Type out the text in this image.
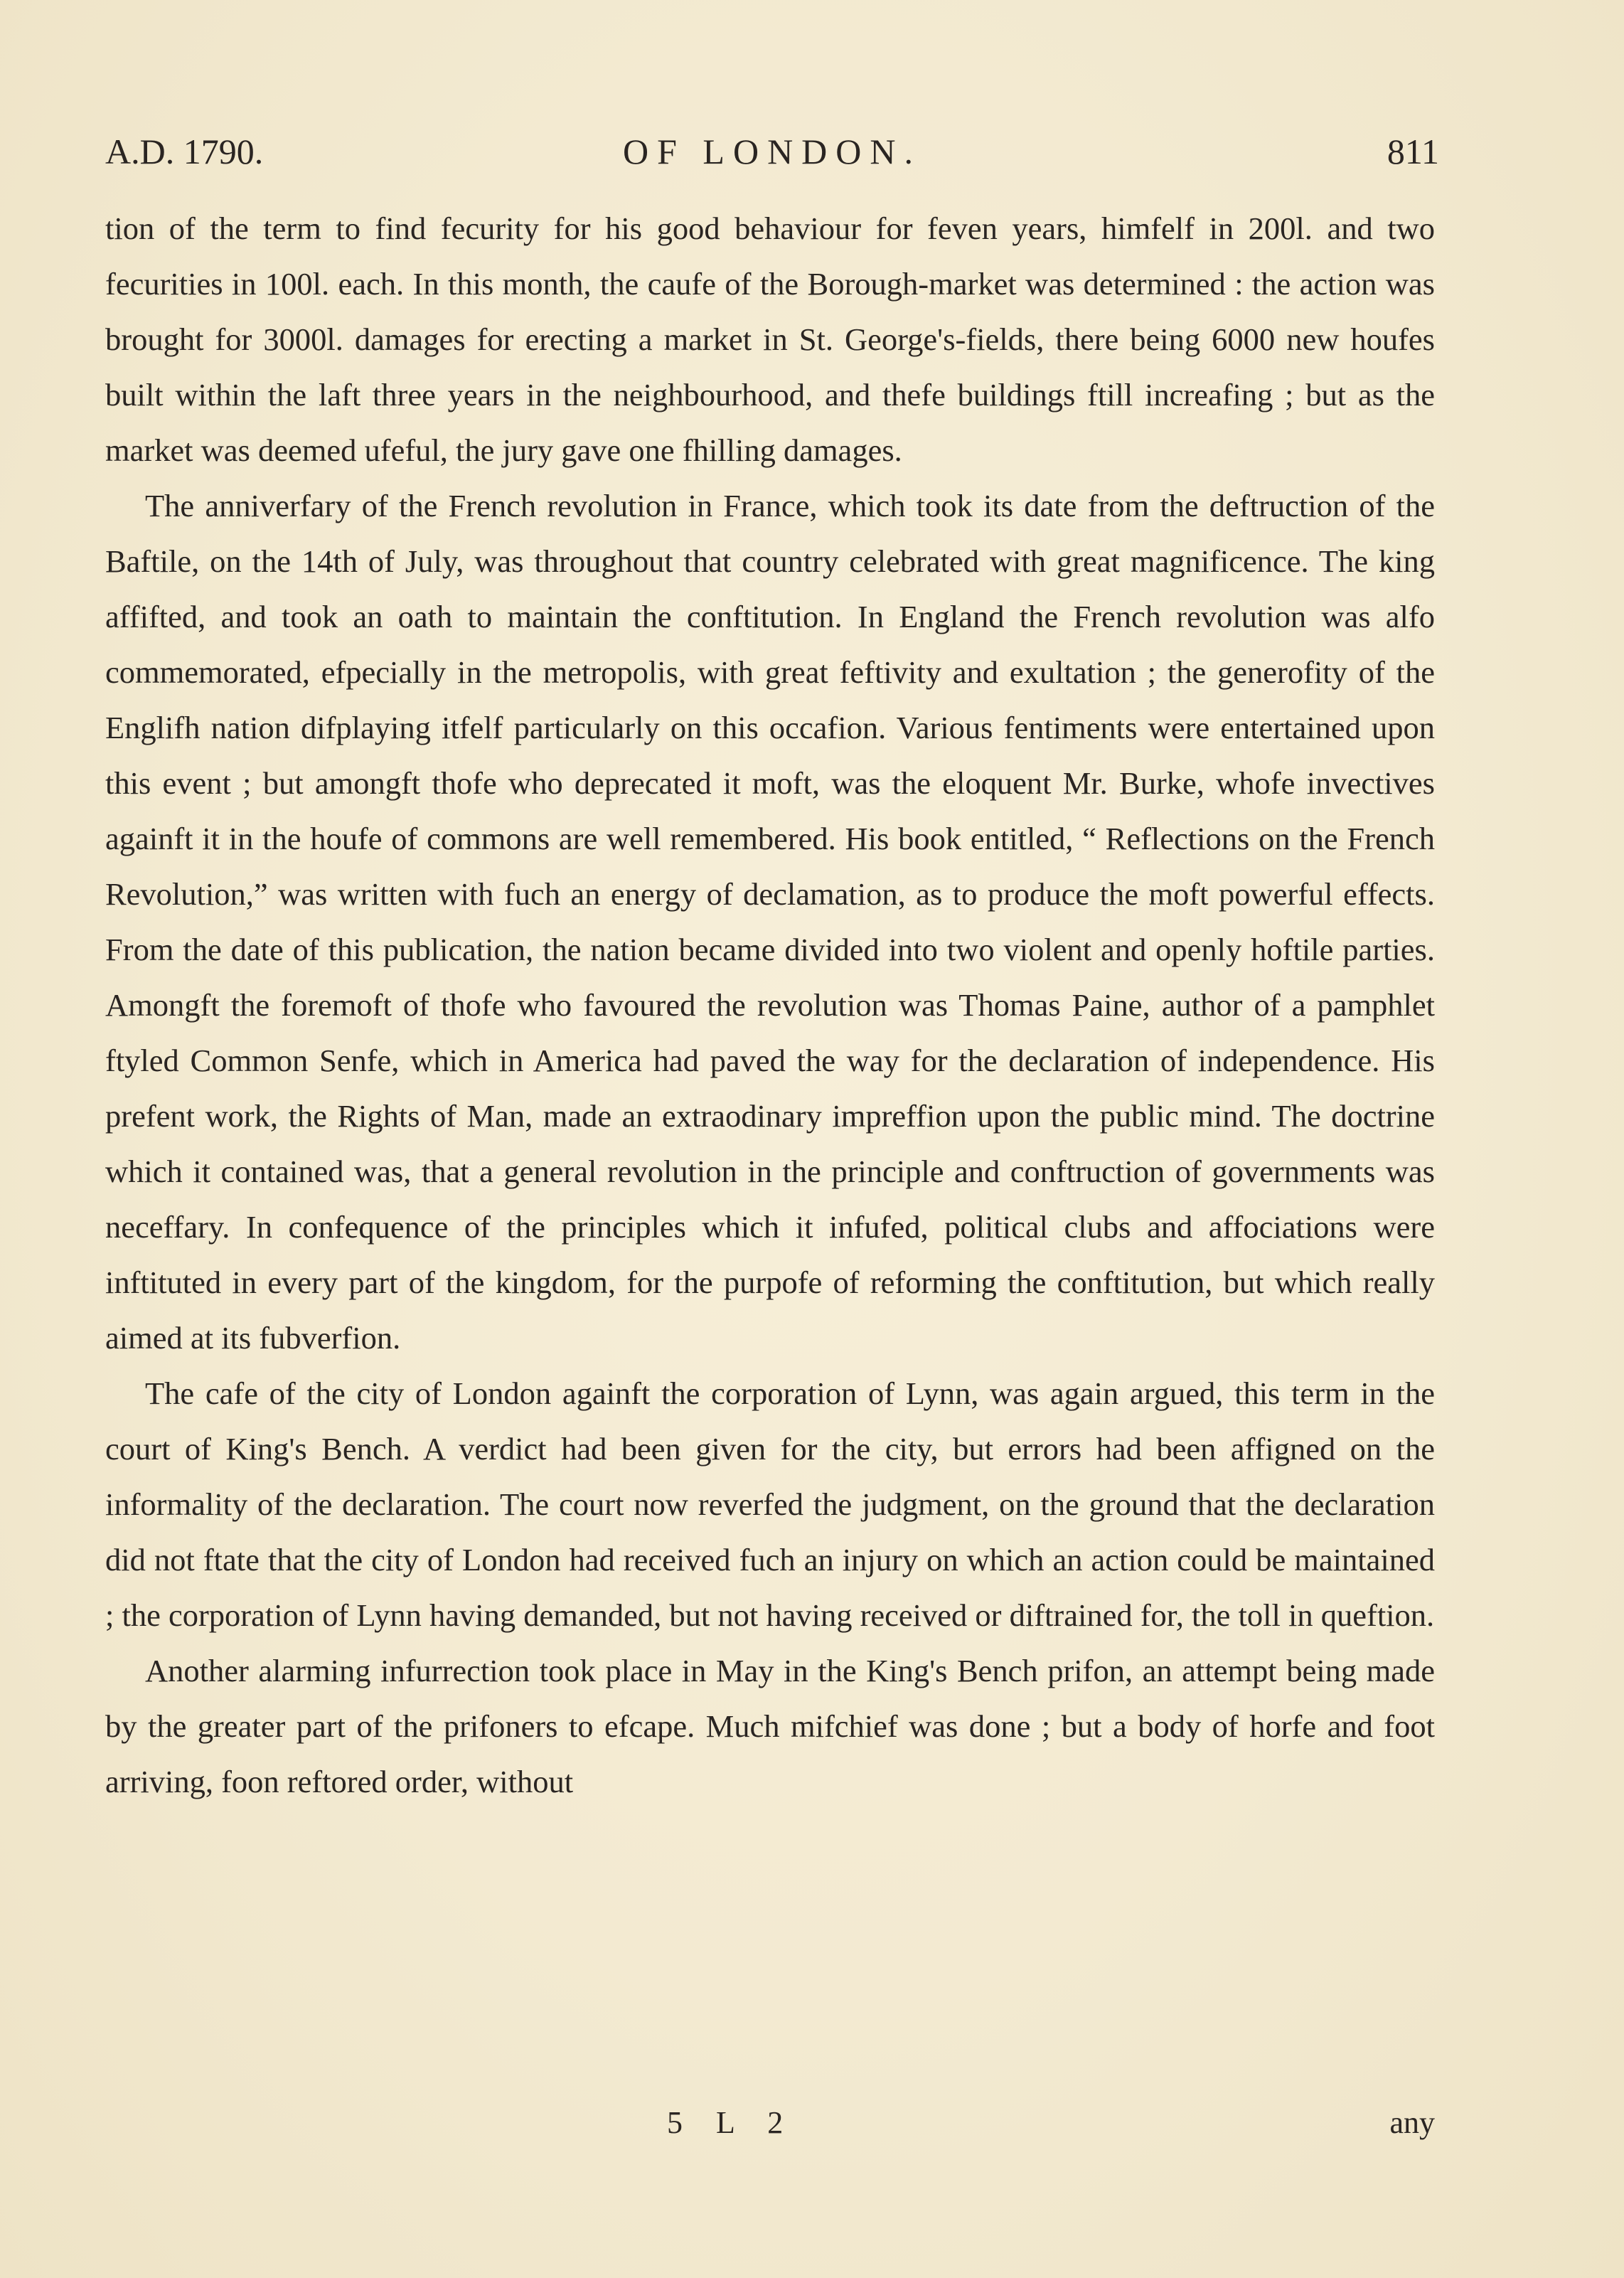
A.D. 1790.	OF LONDON.	811

tion of the term to find fecurity for his good behaviour for feven years, himfelf in 200l. and two fecurities in 100l. each. In this month, the caufe of the Borough-market was determined : the action was brought for 3000l. damages for erecting a market in St. George's-fields, there being 6000 new houfes built within the laft three years in the neighbourhood, and thefe buildings ftill increafing ; but as the market was deemed ufeful, the jury gave one fhilling damages.

The anniverfary of the French revolution in France, which took its date from the deftruction of the Baftile, on the 14th of July, was throughout that country celebrated with great magnificence. The king affifted, and took an oath to maintain the conftitution. In England the French revolution was alfo commemorated, efpecially in the metropolis, with great feftivity and exultation ; the generofity of the Englifh nation difplaying itfelf particularly on this occafion. Various fentiments were entertained upon this event ; but amongft thofe who deprecated it moft, was the eloquent Mr. Burke, whofe invectives againft it in the houfe of commons are well remembered. His book entitled, “ Reflections on the French Revolution,” was written with fuch an energy of declamation, as to produce the moft powerful effects. From the date of this publication, the nation became divided into two violent and openly hoftile parties. Amongft the foremoft of thofe who favoured the revolution was Thomas Paine, author of a pamphlet ftyled Common Senfe, which in America had paved the way for the declaration of independence. His prefent work, the Rights of Man, made an extraodinary impreffion upon the public mind. The doctrine which it contained was, that a general revolution in the principle and conftruction of governments was neceffary. In confequence of the principles which it infufed, political clubs and affociations were inftituted in every part of the kingdom, for the purpofe of reforming the conftitution, but which really aimed at its fubverfion.

The cafe of the city of London againft the corporation of Lynn, was again argued, this term in the court of King's Bench. A verdict had been given for the city, but errors had been affigned on the informality of the declaration. The court now reverfed the judgment, on the ground that the declaration did not ftate that the city of London had received fuch an injury on which an action could be maintained ; the corporation of Lynn having demanded, but not having received or diftrained for, the toll in queftion.

Another alarming infurrection took place in May in the King's Bench prifon, an attempt being made by the greater part of the prifoners to efcape. Much mifchief was done ; but a body of horfe and foot arriving, foon reftored order, without

5 L 2	any
